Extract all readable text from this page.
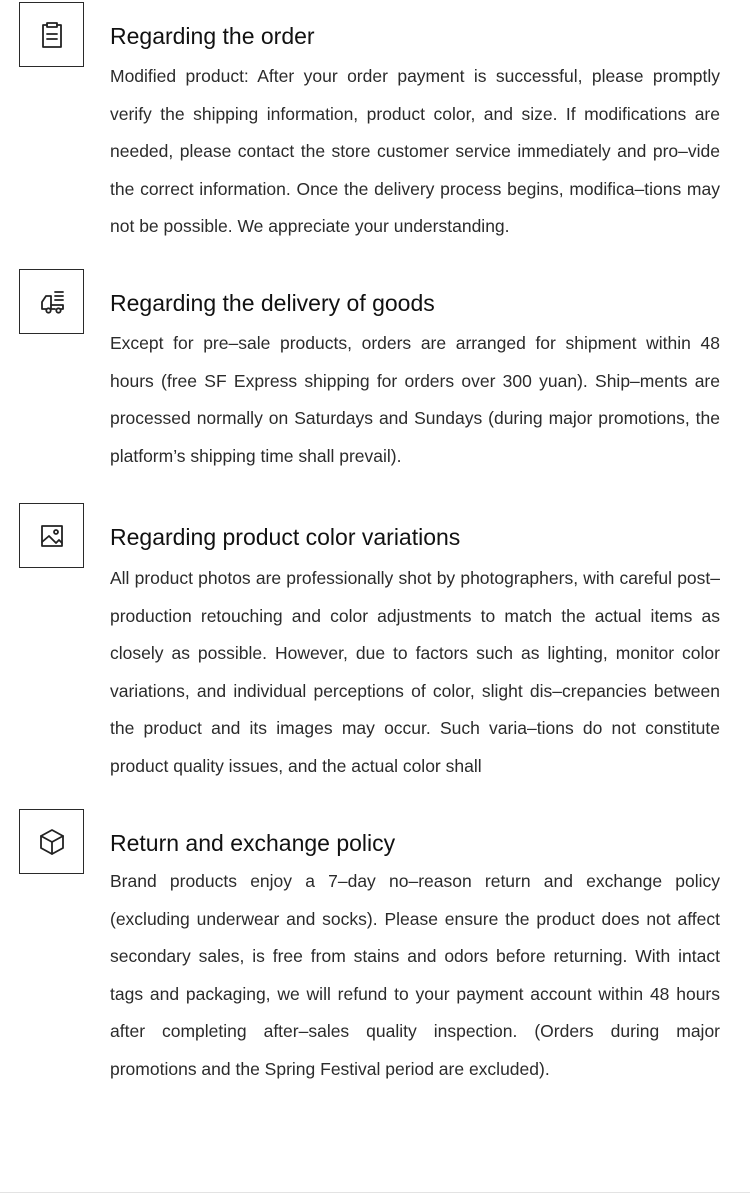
Regarding the order

Modified product: After your order payment is successful, please promptly verify the shipping information, product color, and size. If modifications are needed, please contact the store customer service immediately and pro–vide the correct information. Once the delivery process begins, modifica–tions may not be possible. We appreciate your understanding.

Regarding the delivery of goods

Except for pre–sale products, orders are arranged for shipment within 48 hours (free SF Express shipping for orders over 300 yuan). Ship–ments are processed normally on Saturdays and Sundays (during major promotions, the platform’s shipping time shall prevail).

Regarding product color variations

All product photos are professionally shot by photographers, with careful post–production retouching and color adjustments to match the actual items as closely as possible. However, due to factors such as lighting, monitor color variations, and individual perceptions of color, slight dis–crepancies between the product and its images may occur. Such varia–tions do not constitute product quality issues, and the actual color shall

Return and exchange policy

Brand products enjoy a 7–day no–reason return and exchange policy (excluding underwear and socks). Please ensure the product does not affect secondary sales, is free from stains and odors before returning. With intact tags and packaging, we will refund to your payment account within 48 hours after completing after–sales quality inspection. (Orders during major promotions and the Spring Festival period are excluded).
